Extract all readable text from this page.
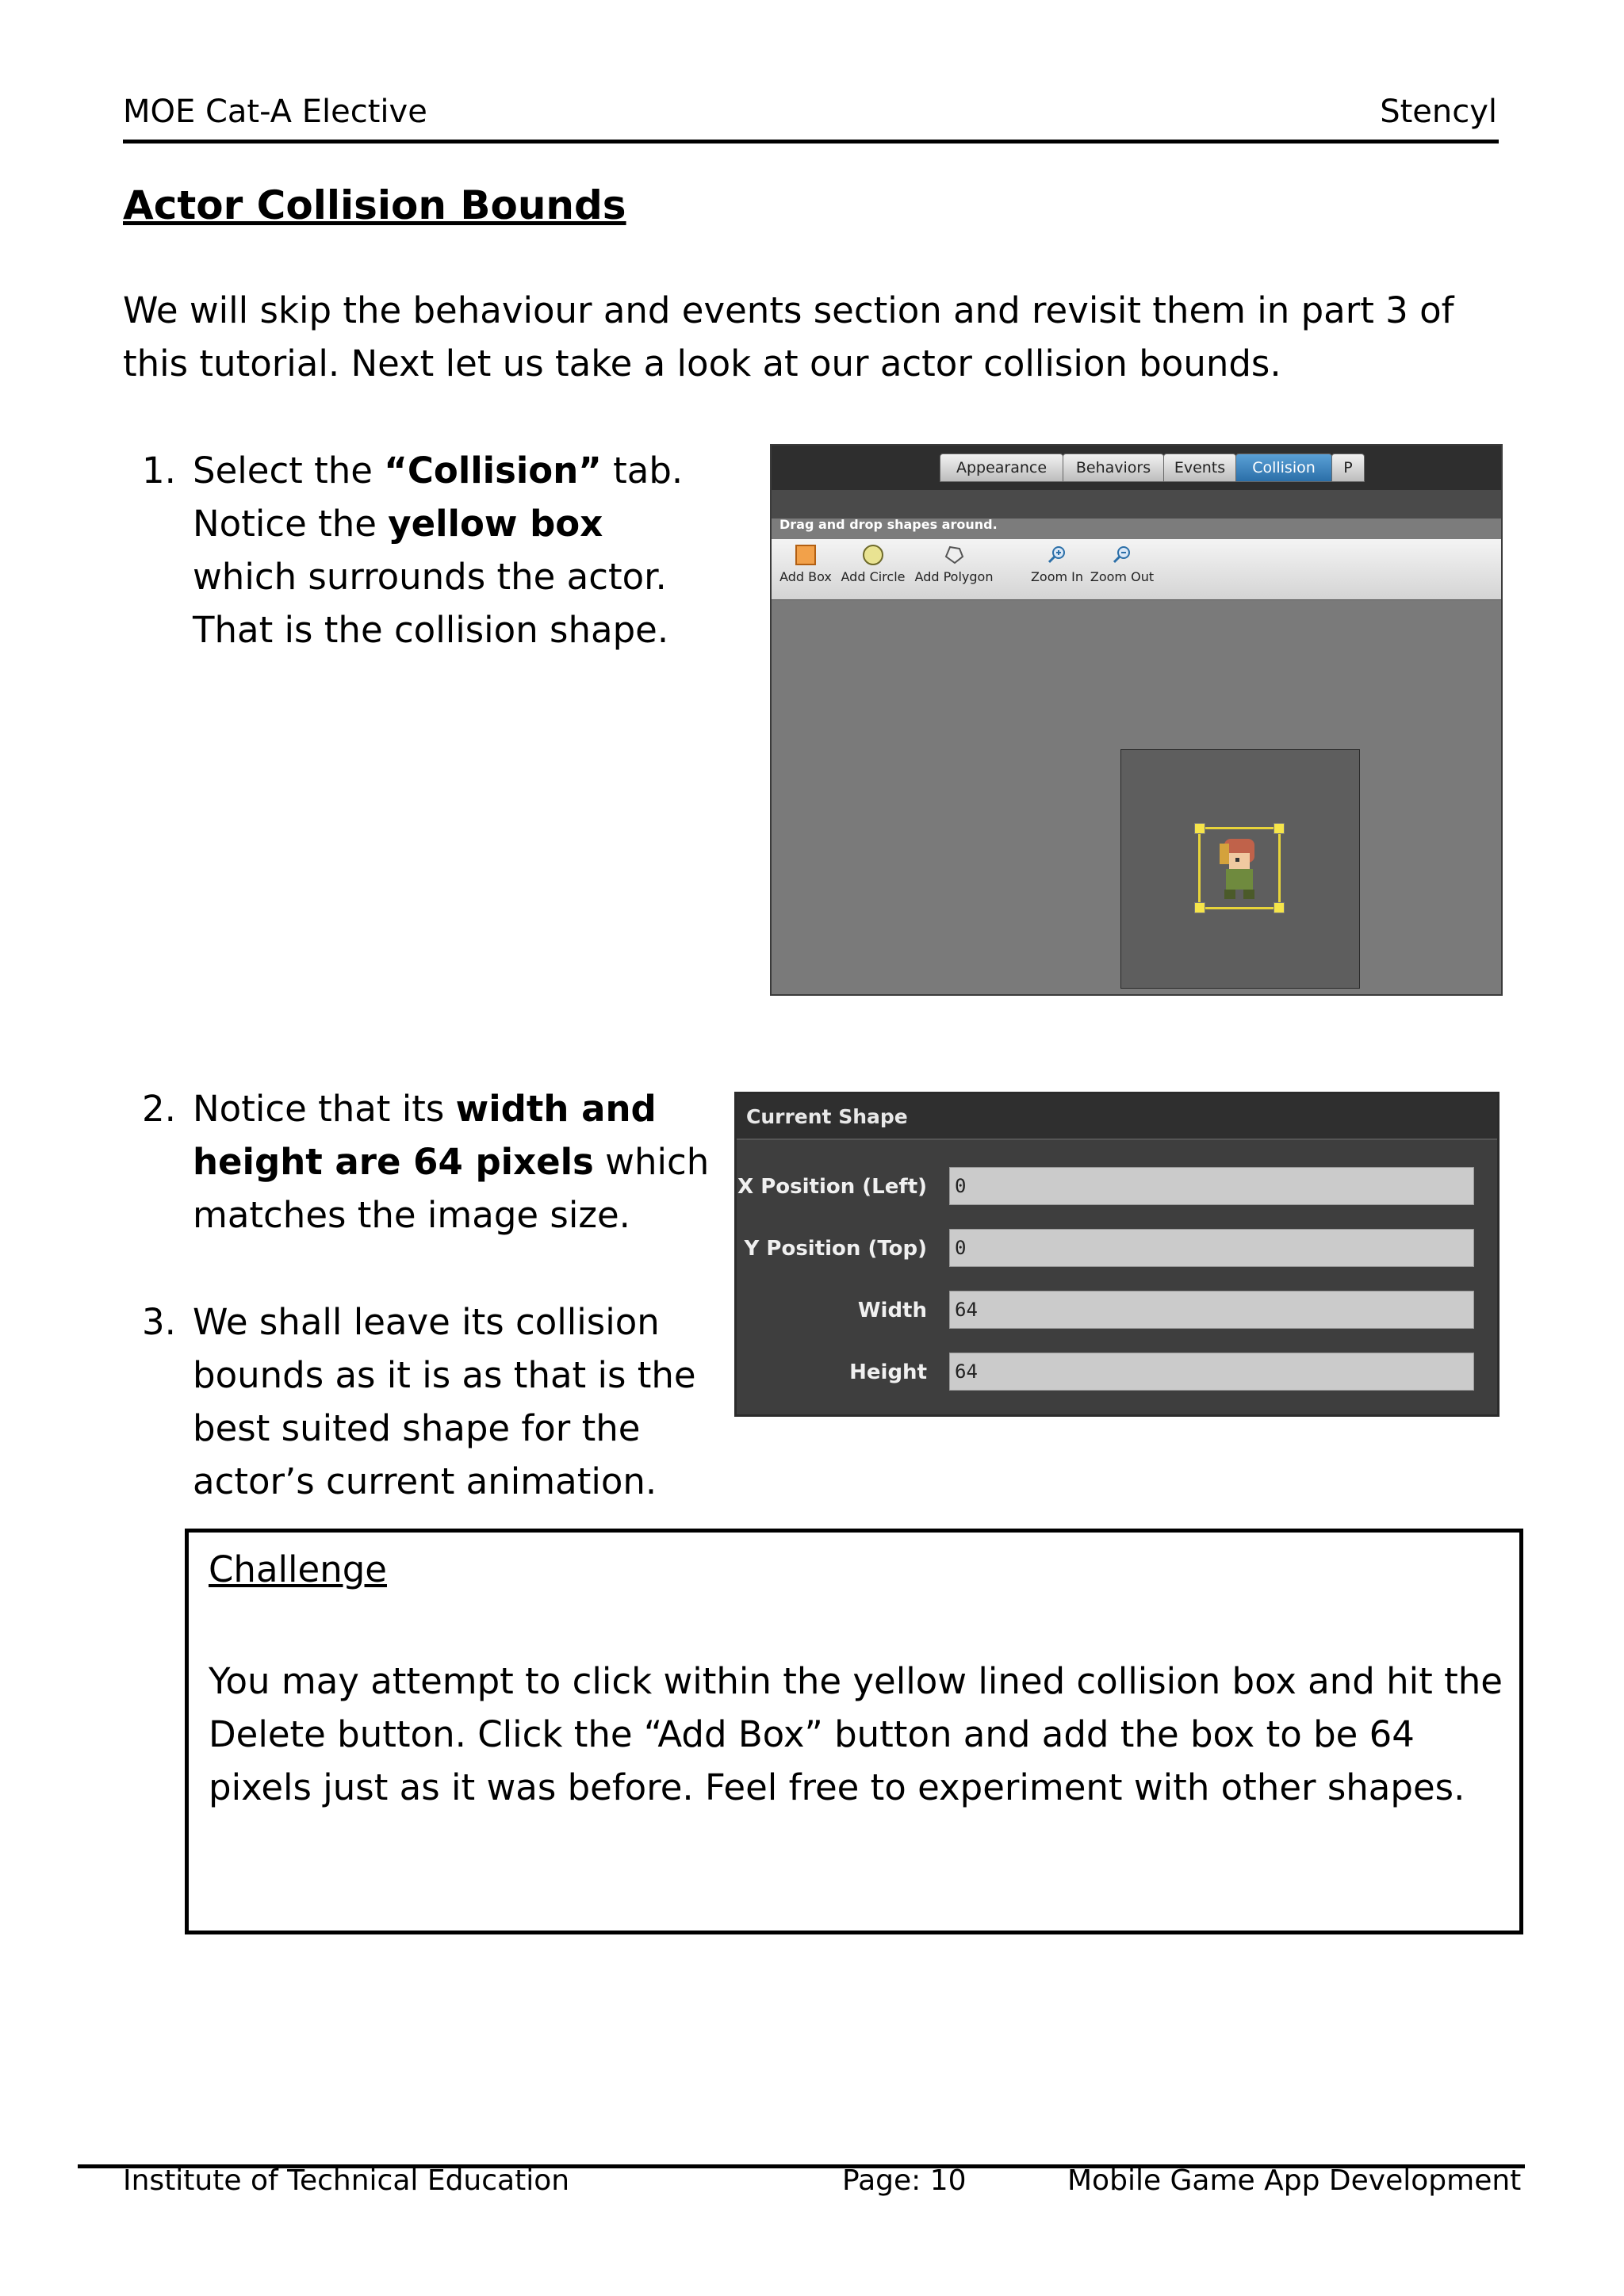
MOE Cat-A Elective	Stencyl
Actor Collision Bounds
We will skip the behaviour and events section and revisit them in part 3 of this tutorial. Next let us take a look at our actor collision bounds.
1. Select the “Collision” tab. Notice the yellow box which surrounds the actor. That is the collision shape.
Appearance	Behaviors	Events	Collision	P
Drag and drop shapes around.
Add Box Add Circle Add Polygon	Zoom In Zoom Out
2. Notice that its width and height are 64 pixels which matches the image size.
3. We shall leave its collision bounds as it is as that is the best suited shape for the actor’s current animation.
Current Shape
X Position (Left) 0
Y Position (Top) 0
Width 64
Height 64
Challenge
You may attempt to click within the yellow lined collision box and hit the Delete button. Click the “Add Box” button and add the box to be 64 pixels just as it was before. Feel free to experiment with other shapes.
Institute of Technical Education	Page: 10	Mobile Game App Development
